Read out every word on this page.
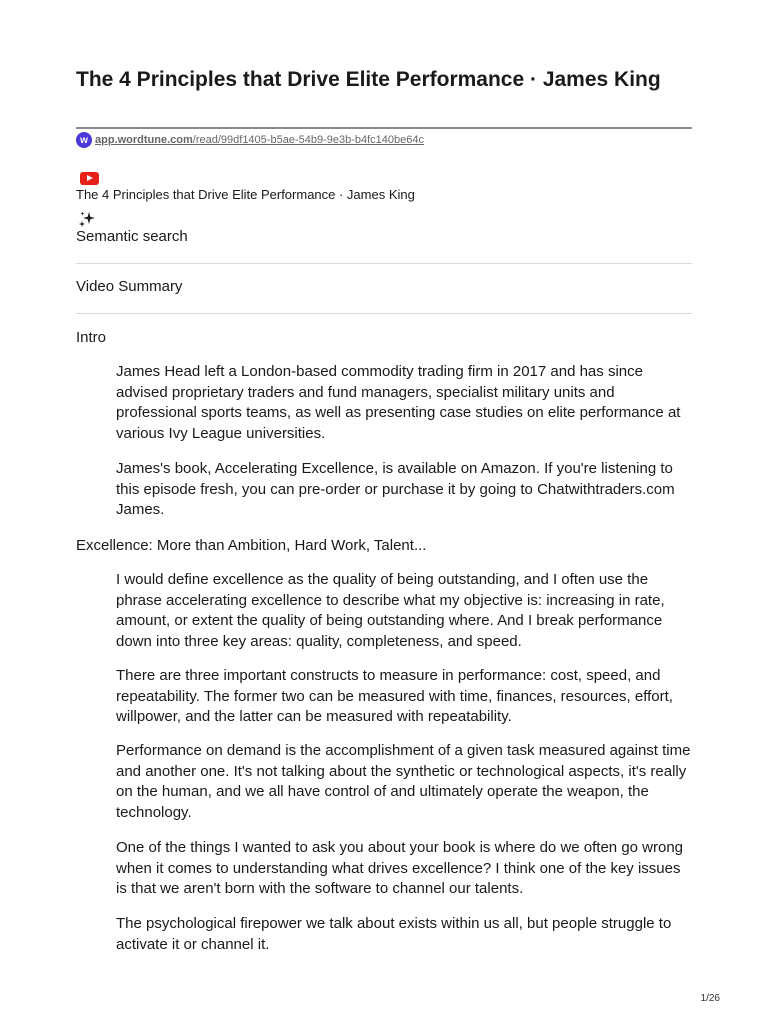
The 4 Principles that Drive Elite Performance · James King
w app.wordtune.com/read/99df1405-b5ae-54b9-9e3b-b4fc140be64c
The 4 Principles that Drive Elite Performance · James King
Semantic search
Video Summary
Intro

James Head left a London-based commodity trading firm in 2017 and has since advised proprietary traders and fund managers, specialist military units and professional sports teams, as well as presenting case studies on elite performance at various Ivy League universities.

James's book, Accelerating Excellence, is available on Amazon. If you're listening to this episode fresh, you can pre-order or purchase it by going to Chatwithtraders.com James.

Excellence: More than Ambition, Hard Work, Talent...

I would define excellence as the quality of being outstanding, and I often use the phrase accelerating excellence to describe what my objective is: increasing in rate, amount, or extent the quality of being outstanding where. And I break performance down into three key areas: quality, completeness, and speed.

There are three important constructs to measure in performance: cost, speed, and repeatability. The former two can be measured with time, finances, resources, effort, willpower, and the latter can be measured with repeatability.

Performance on demand is the accomplishment of a given task measured against time and another one. It's not talking about the synthetic or technological aspects, it's really on the human, and we all have control of and ultimately operate the weapon, the technology.

One of the things I wanted to ask you about your book is where do we often go wrong when it comes to understanding what drives excellence? I think one of the key issues is that we aren't born with the software to channel our talents.

The psychological firepower we talk about exists within us all, but people struggle to activate it or channel it.

1/26
